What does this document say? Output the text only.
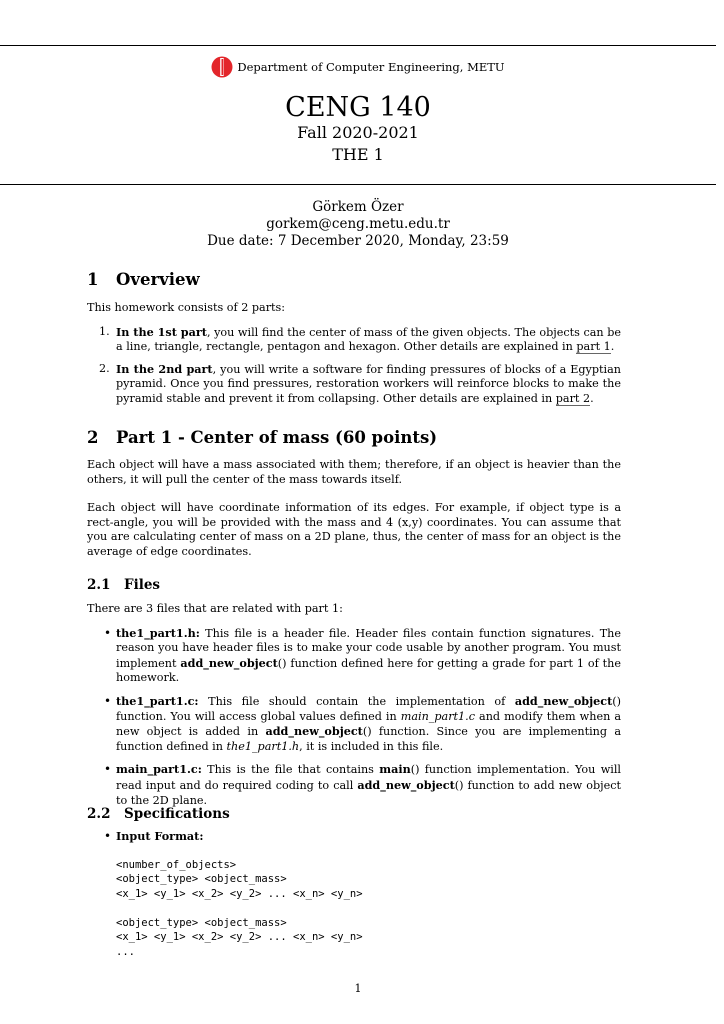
Department of Computer Engineering, METU
CENG 140
Fall 2020-2021
THE 1
Görkem Özer
gorkem@ceng.metu.edu.tr
Due date: 7 December 2020, Monday, 23:59
1 Overview

This homework consists of 2 parts:

1. In the 1st part, you will find the center of mass of the given objects. The objects can be a line, triangle, rectangle, pentagon and hexagon. Other details are explained in part 1.
2. In the 2nd part, you will write a software for finding pressures of blocks of a Egyptian pyramid. Once you find pressures, restoration workers will reinforce blocks to make the pyramid stable and prevent it from collapsing. Other details are explained in part 2.
2 Part 1 - Center of mass (60 points)

Each object will have a mass associated with them; therefore, if an object is heavier than the others, it will pull the center of the mass towards itself.

Each object will have coordinate information of its edges. For example, if object type is a rect-angle, you will be provided with the mass and 4 (x,y) coordinates. You can assume that you are calculating center of mass on a 2D plane, thus, the center of mass for an object is the average of edge coordinates.

2.1 Files

There are 3 files that are related with part 1:

• the1_part1.h: This file is a header file. Header files contain function signatures. The reason you have header files is to make your code usable by another program. You must implement add_new_object() function defined here for getting a grade for part 1 of the homework.
• the1_part1.c: This file should contain the implementation of add_new_object() function. You will access global values defined in main_part1.c and modify them when a new object is added in add_new_object() function. Since you are implementing a function defined in the1_part1.h, it is included in this file.
• main_part1.c: This is the file that contains main() function implementation. You will read input and do required coding to call add_new_object() function to add new object to the 2D plane.
2.2 Specifications
• Input Format:
<number_of_objects>
<object_type> <object_mass>
<x_1> <y_1> <x_2> <y_2> ... <x_n> <y_n>
<object_type> <object_mass>
<x_1> <y_1> <x_2> <y_2> ... <x_n> <y_n>
...
1
